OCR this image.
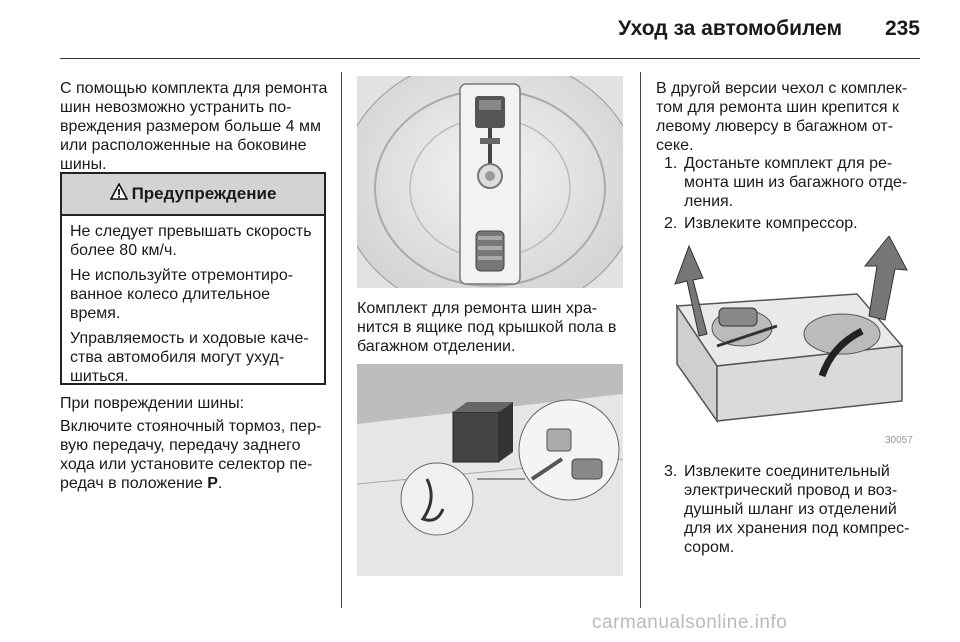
Уход за автомобилем 235
С помощью комплекта для ремонта шин невозможно устранить по-вреждения размером больше 4 мм или расположенные на боковине шины.
Предупреждение

Не следует превышать скорость более 80 км/ч.

Не используйте отремонтиро-ванное колесо длительное время.

Управляемость и ходовые каче-ства автомобиля могут ухуд-шиться.

При повреждении шины:
Включите стояночный тормоз, пер-вую передачу, передачу заднего хода или установите селектор пе-редач в положение P.
Комплект для ремонта шин хра-нится в ящике под крышкой пола в багажном отделении.
В другой версии чехол с комплек-том для ремонта шин крепится к левому люверсу в багажном от-секе.
1. Достаньте комплект для ре-монта шин из багажного отде-ления.
2. Извлеките компрессор.
30057
3. Извлеките соединительный электрический провод и воз-душный шланг из отделений для их хранения под компрес-сором.
carmanualsonline.info
